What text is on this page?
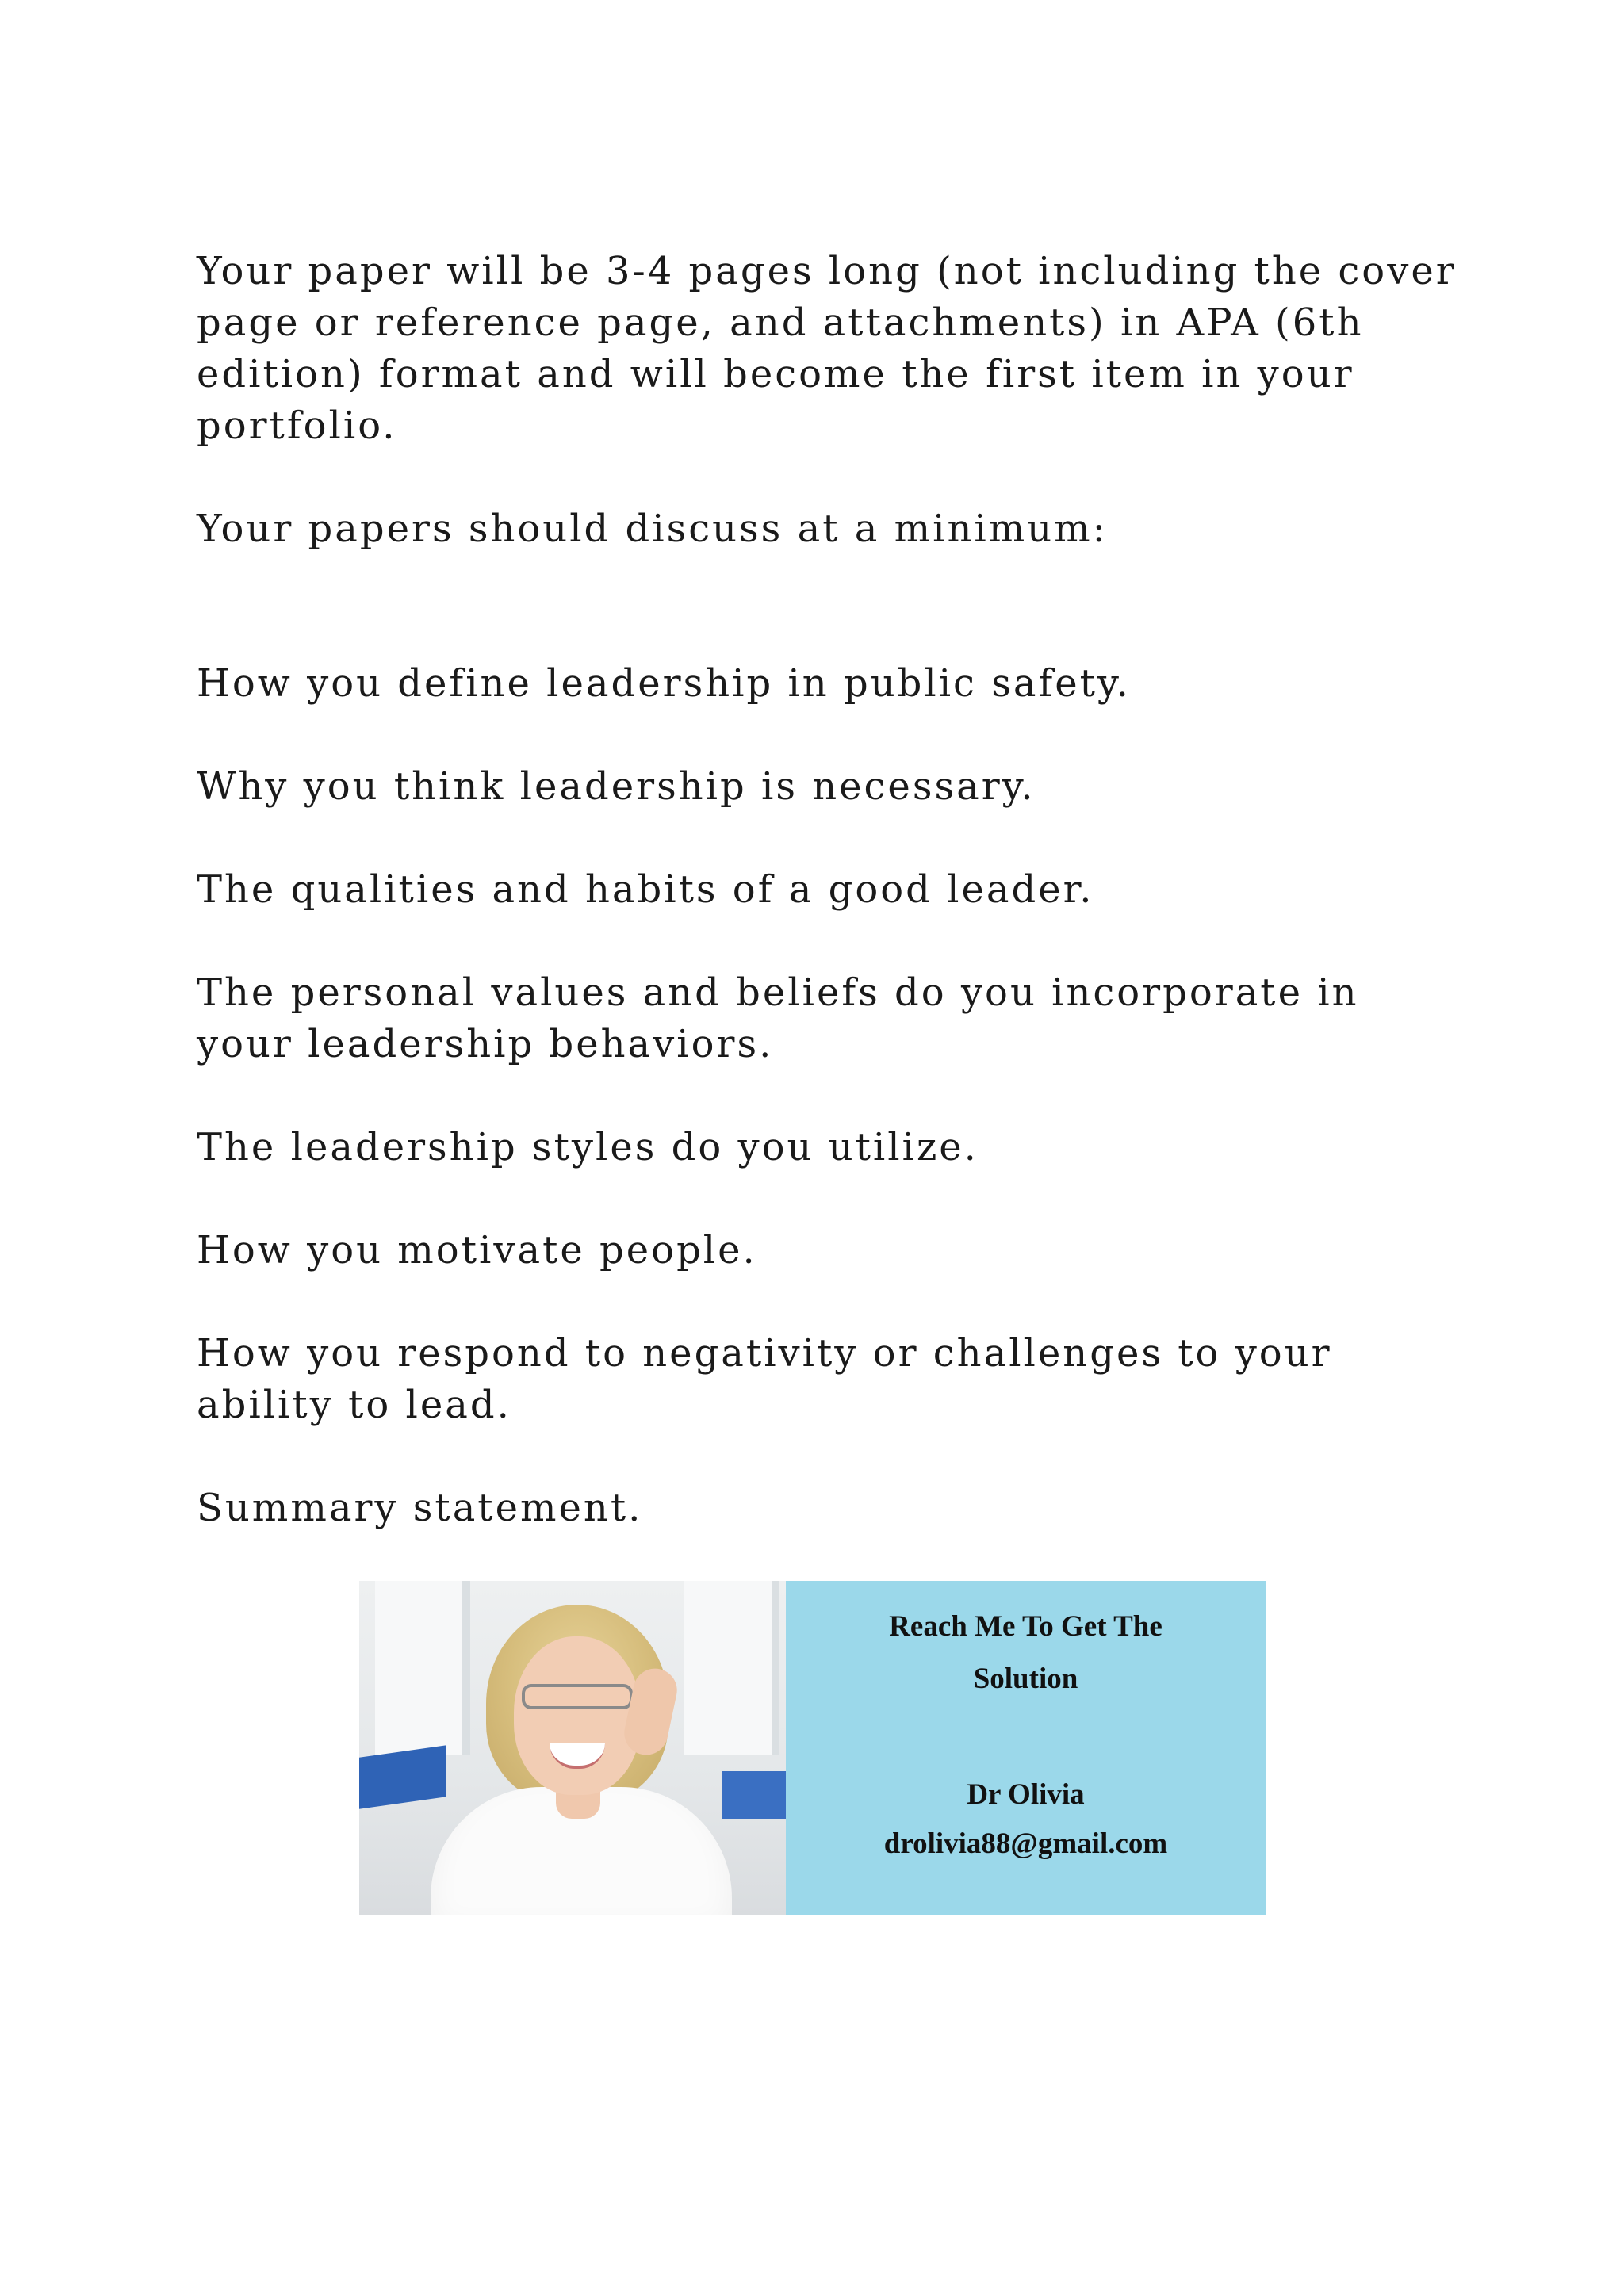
Your paper will be 3-4 pages long (not including the cover page or reference page, and attachments) in APA (6th edition) format and will become the first item in your portfolio.

Your papers should discuss at a minimum:

How you define leadership in public safety.

Why you think leadership is necessary.

The qualities and habits of a good leader.

The personal values and beliefs do you incorporate in your leadership behaviors.

The leadership styles do you utilize.

How you motivate people.

How you respond to negativity or challenges to your ability to lead.

Summary statement.

Reach Me To Get The
Solution
Dr Olivia
drolivia88@gmail.com
